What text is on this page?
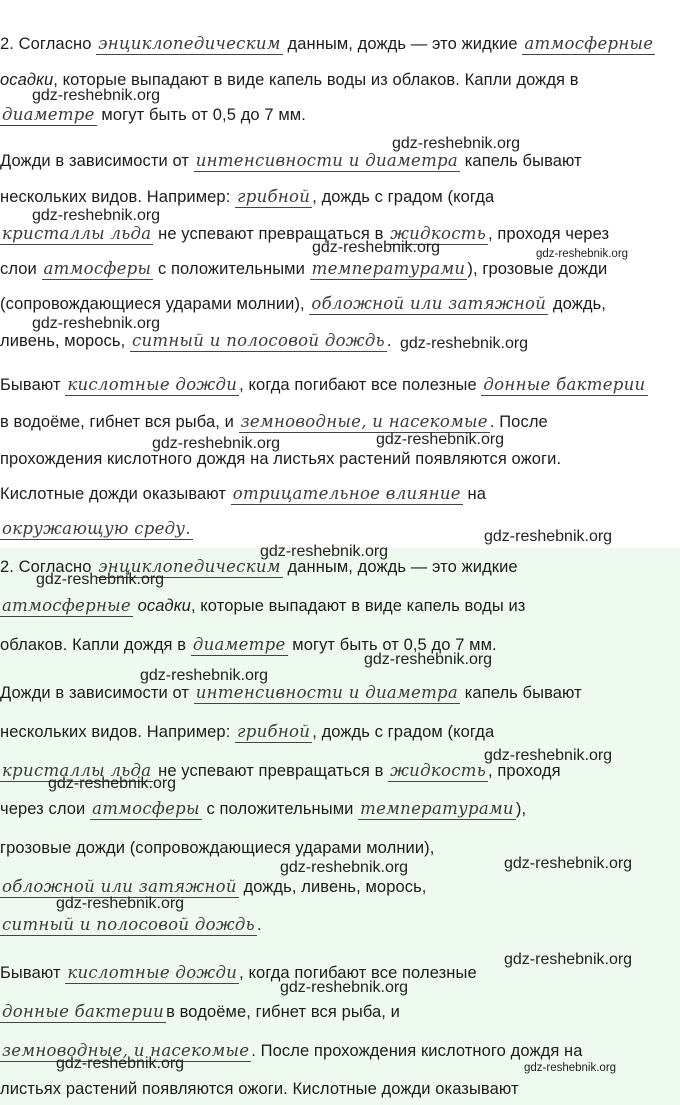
2. Согласно энциклопедическим данным, дождь — это жидкие атмосферные
осадки, которые выпадают в виде капель воды из облаков. Капли дождя в
диаметре могут быть от 0,5 до 7 мм.
Дожди в зависимости от интенсивности и диаметра капель бывают
нескольких видов. Например: грибной , дождь с градом (когда
кристаллы льда не успевают превращаться в жидкость , проходя через
слои атмосферы с положительными температурами ), грозовые дожди
(сопровождающиеся ударами молнии), обложной или затяжной дождь,
ливень, морось, ситный и полосовой дождь .
Бывают кислотные дожди , когда погибают все полезные донные бактерии
в водоёме, гибнет вся рыба, и земноводные, и насекомые . После
прохождения кислотного дождя на листьях растений появляются ожоги.
Кислотные дожди оказывают отрицательное влияние на
окружающую среду.
2. Согласно энциклопедическим данным, дождь — это жидкие
атмосферные осадки, которые выпадают в виде капель воды из
облаков. Капли дождя в диаметре могут быть от 0,5 до 7 мм.
Дожди в зависимости от интенсивности и диаметра капель бывают
нескольких видов. Например: грибной , дождь с градом (когда
кристаллы льда не успевают превращаться в жидкость , проходя
через слои атмосферы с положительными температурами ),
грозовые дожди (сопровождающиеся ударами молнии),
обложной или затяжной дождь, ливень, морось,
ситный и полосовой дождь .
Бывают кислотные дожди , когда погибают все полезные
донные бактерии в водоёме, гибнет вся рыба, и
земноводные, и насекомые . После прохождения кислотного дождя на
листьях растений появляются ожоги. Кислотные дожди оказывают
gdz-reshebnik.org
gdz-reshebnik.org
gdz-reshebnik.org
gdz-reshebnik.org	gdz-reshebnik.org
gdz-reshebnik.org
gdz-reshebnik.org
gdz-reshebnik.org
gdz-reshebnik.org
gdz-reshebnik.org
gdz-reshebnik.org
gdz-reshebnik.org
gdz-reshebnik.org
gdz-reshebnik.org
gdz-reshebnik.org
gdz-reshebnik.org
gdz-reshebnik.org
gdz-reshebnik.org
gdz-reshebnik.org
gdz-reshebnik.org
gdz-reshebnik.org
gdz-reshebnik.org	gdz-reshebnik.org
